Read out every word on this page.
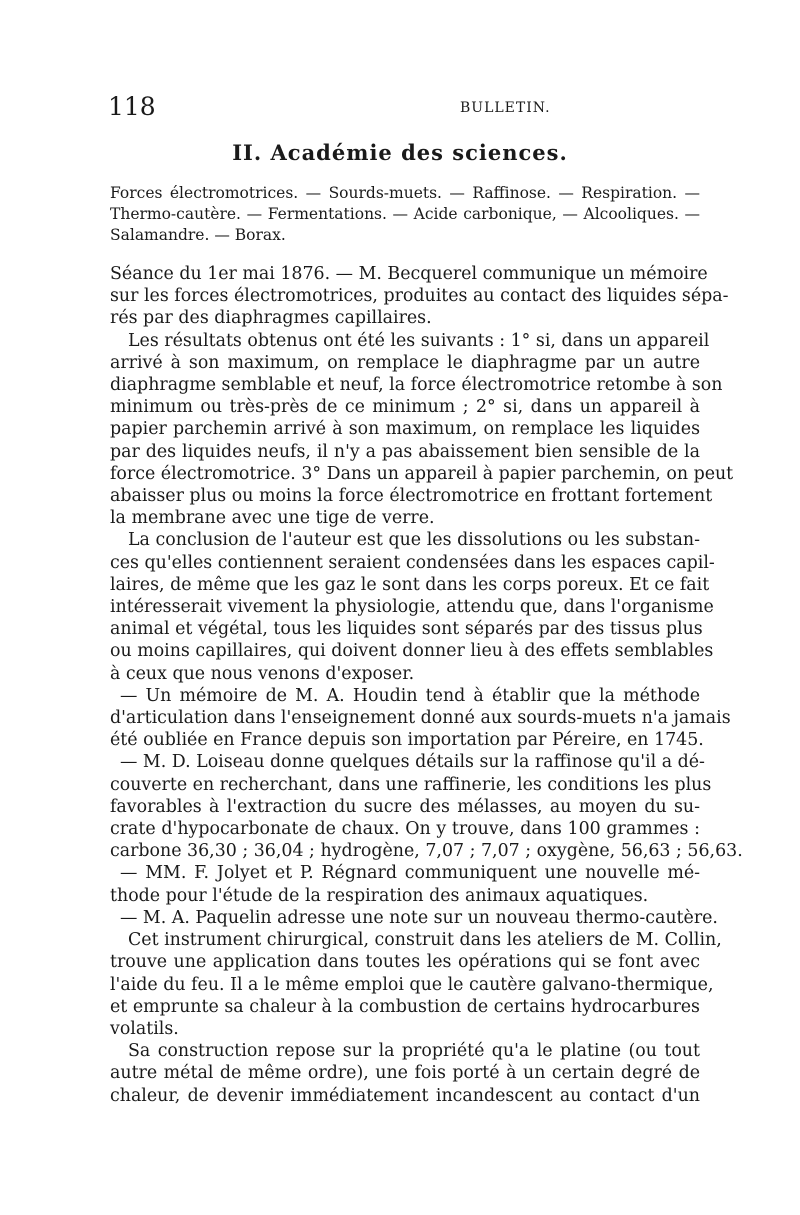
118	BULLETIN.
II. Académie des sciences.
Forces électromotrices. — Sourds-muets. — Raffinose. — Respiration. —
Thermo-cautère. — Fermentations. — Acide carbonique, — Alcooliques. —
Salamandre. — Borax.
Séance du 1er mai 1876. — M. Becquerel communique un mémoire
sur les forces électromotrices, produites au contact des liquides sépa-
rés par des diaphragmes capillaires.
Les résultats obtenus ont été les suivants : 1° si, dans un appareil
arrivé à son maximum, on remplace le diaphragme par un autre
diaphragme semblable et neuf, la force électromotrice retombe à son
minimum ou très-près de ce minimum ; 2° si, dans un appareil à
papier parchemin arrivé à son maximum, on remplace les liquides
par des liquides neufs, il n'y a pas abaissement bien sensible de la
force électromotrice. 3° Dans un appareil à papier parchemin, on peut
abaisser plus ou moins la force électromotrice en frottant fortement
la membrane avec une tige de verre.
La conclusion de l'auteur est que les dissolutions ou les substan-
ces qu'elles contiennent seraient condensées dans les espaces capil-
laires, de même que les gaz le sont dans les corps poreux. Et ce fait
intéresserait vivement la physiologie, attendu que, dans l'organisme
animal et végétal, tous les liquides sont séparés par des tissus plus
ou moins capillaires, qui doivent donner lieu à des effets semblables
à ceux que nous venons d'exposer.
— Un mémoire de M. A. Houdin tend à établir que la méthode
d'articulation dans l'enseignement donné aux sourds-muets n'a jamais
été oubliée en France depuis son importation par Péreire, en 1745.
— M. D. Loiseau donne quelques détails sur la raffinose qu'il a dé-
couverte en recherchant, dans une raffinerie, les conditions les plus
favorables à l'extraction du sucre des mélasses, au moyen du su-
crate d'hypocarbonate de chaux. On y trouve, dans 100 grammes :
carbone 36,30 ; 36,04 ; hydrogène, 7,07 ; 7,07 ; oxygène, 56,63 ; 56,63.
— MM. F. Jolyet et P. Régnard communiquent une nouvelle mé-
thode pour l'étude de la respiration des animaux aquatiques.
— M. A. Paquelin adresse une note sur un nouveau thermo-cautère.
Cet instrument chirurgical, construit dans les ateliers de M. Collin,
trouve une application dans toutes les opérations qui se font avec
l'aide du feu. Il a le même emploi que le cautère galvano-thermique,
et emprunte sa chaleur à la combustion de certains hydrocarbures
volatils.
Sa construction repose sur la propriété qu'a le platine (ou tout
autre métal de même ordre), une fois porté à un certain degré de
chaleur, de devenir immédiatement incandescent au contact d'un
